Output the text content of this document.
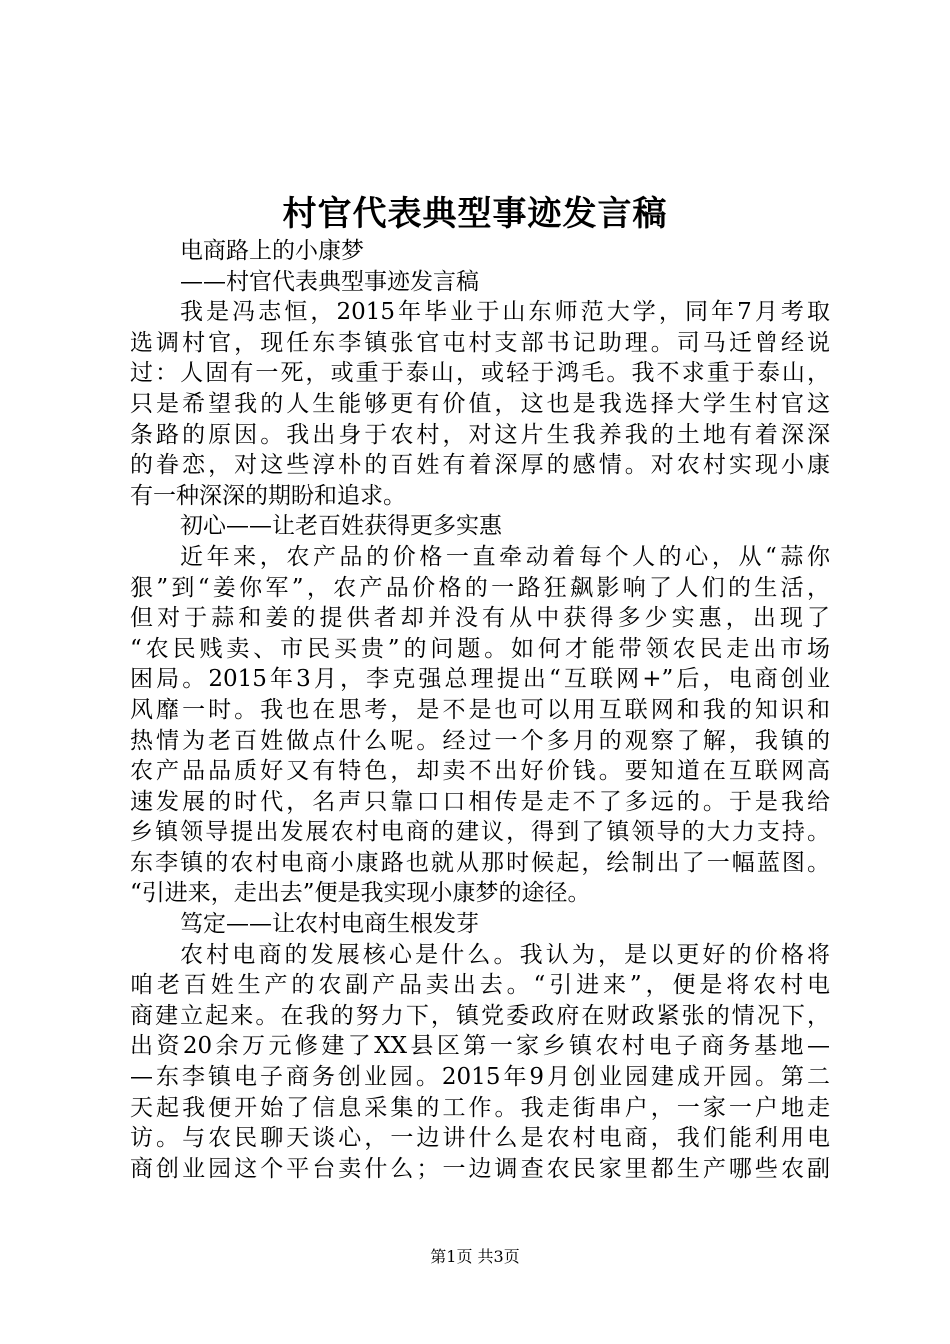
村官代表典型事迹发言稿
电商路上的小康梦
——村官代表典型事迹发言稿
我是冯志恒，2015年毕业于山东师范大学，同年7月考取
选调村官，现任东李镇张官屯村支部书记助理。司马迁曾经说
过：人固有一死，或重于泰山，或轻于鸿毛。我不求重于泰山，
只是希望我的人生能够更有价值，这也是我选择大学生村官这
条路的原因。我出身于农村，对这片生我养我的土地有着深深
的眷恋，对这些淳朴的百姓有着深厚的感情。对农村实现小康
有一种深深的期盼和追求。
初心——让老百姓获得更多实惠
近年来，农产品的价格一直牵动着每个人的心，从“蒜你
狠”到“姜你军”，农产品价格的一路狂飙影响了人们的生活，
但对于蒜和姜的提供者却并没有从中获得多少实惠，出现了
“农民贱卖、市民买贵”的问题。如何才能带领农民走出市场
困局。2015年3月，李克强总理提出“互联网+”后，电商创业
风靡一时。我也在思考，是不是也可以用互联网和我的知识和
热情为老百姓做点什么呢。经过一个多月的观察了解，我镇的
农产品品质好又有特色，却卖不出好价钱。要知道在互联网高
速发展的时代，名声只靠口口相传是走不了多远的。于是我给
乡镇领导提出发展农村电商的建议，得到了镇领导的大力支持。
东李镇的农村电商小康路也就从那时候起，绘制出了一幅蓝图。
“引进来，走出去”便是我实现小康梦的途径。
笃定——让农村电商生根发芽
农村电商的发展核心是什么。我认为，是以更好的价格将
咱老百姓生产的农副产品卖出去。“引进来”，便是将农村电
商建立起来。在我的努力下，镇党委政府在财政紧张的情况下，
出资20余万元修建了XX县区第一家乡镇农村电子商务基地—
—东李镇电子商务创业园。2015年9月创业园建成开园。第二
天起我便开始了信息采集的工作。我走街串户，一家一户地走
访。与农民聊天谈心，一边讲什么是农村电商，我们能利用电
商创业园这个平台卖什么；一边调查农民家里都生产哪些农副
第1页 共3页
